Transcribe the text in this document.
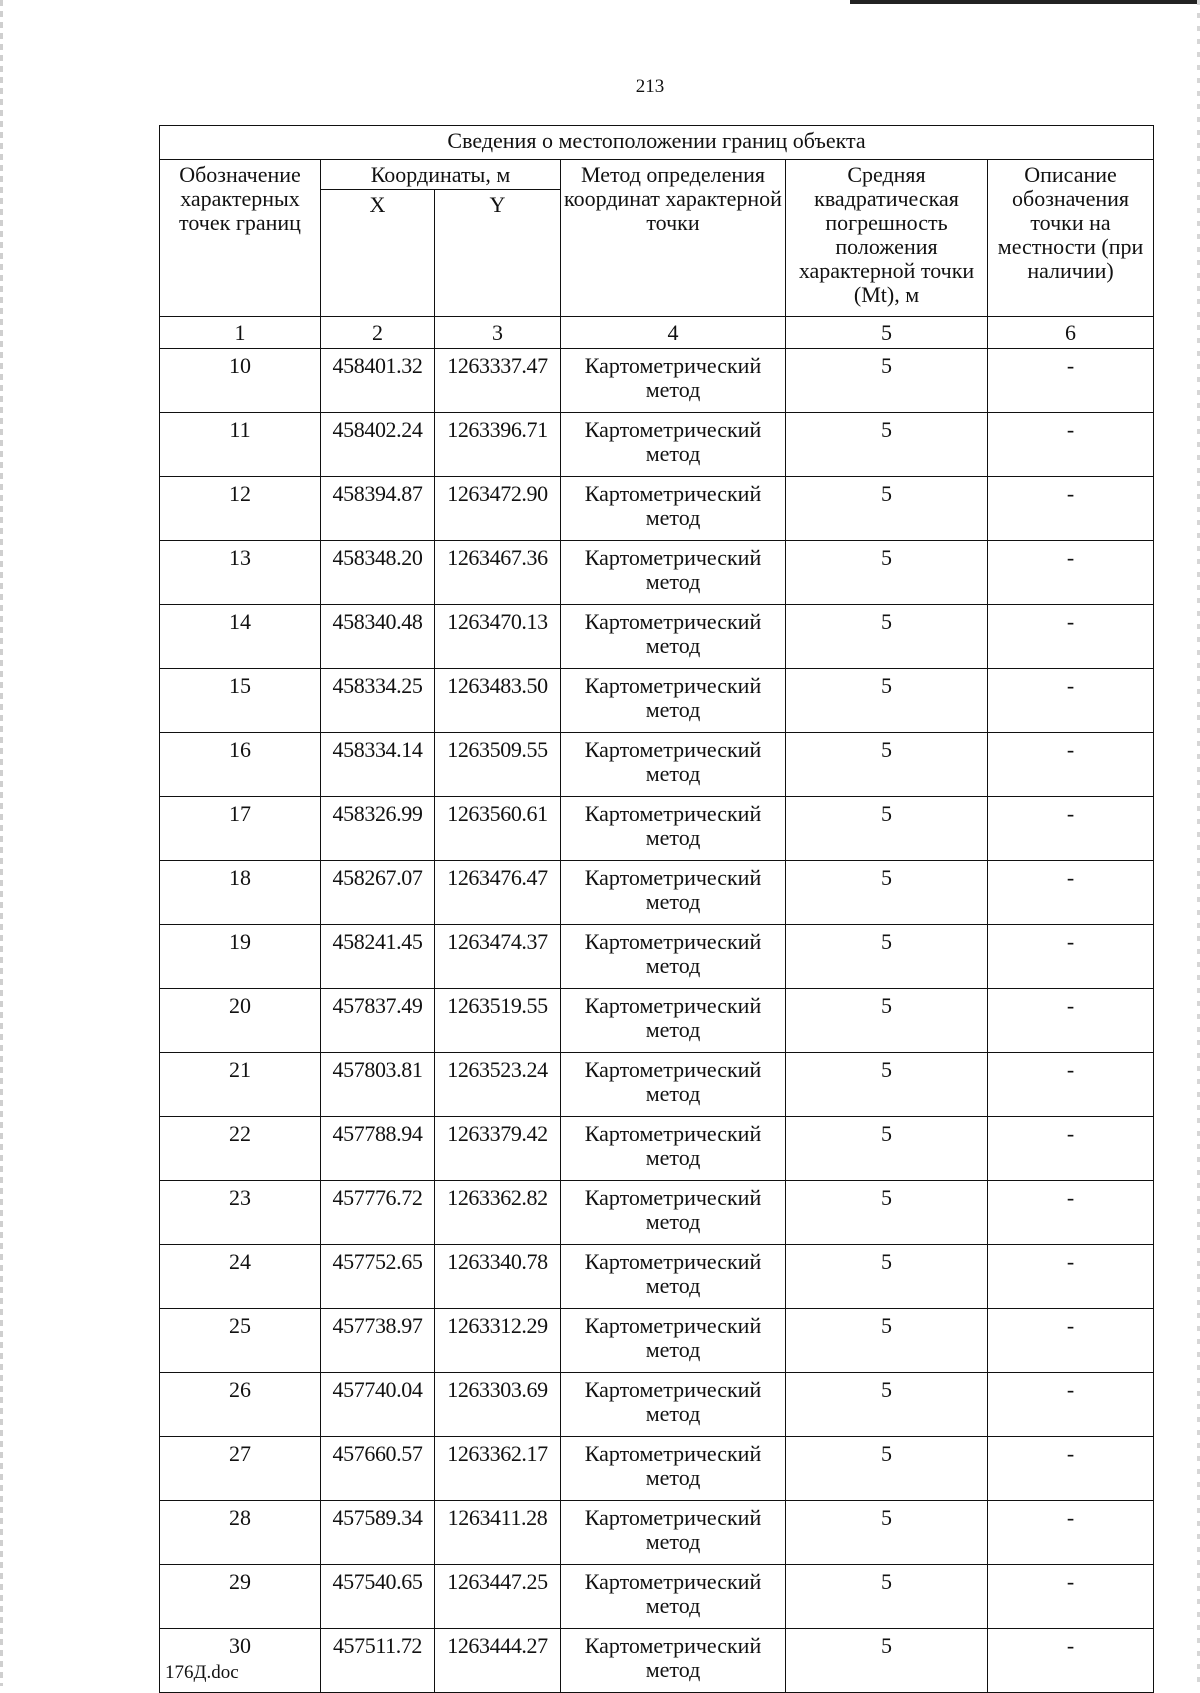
213
Сведения о местоположении границ объекта					
Обозначение характерных точек границ	Координаты, м		Метод определения координат характерной точки	Средняя квадратическая погрешность положения характерной точки (Mt), м	Описание обозначения точки на местности (при наличии)
	X	Y			
1	2	3	4	5	6
10	458401.32	1263337.47	Картометрический метод	5	-
11	458402.24	1263396.71	Картометрический метод	5	-
12	458394.87	1263472.90	Картометрический метод	5	-
13	458348.20	1263467.36	Картометрический метод	5	-
14	458340.48	1263470.13	Картометрический метод	5	-
15	458334.25	1263483.50	Картометрический метод	5	-
16	458334.14	1263509.55	Картометрический метод	5	-
17	458326.99	1263560.61	Картометрический метод	5	-
18	458267.07	1263476.47	Картометрический метод	5	-
19	458241.45	1263474.37	Картометрический метод	5	-
20	457837.49	1263519.55	Картометрический метод	5	-
21	457803.81	1263523.24	Картометрический метод	5	-
22	457788.94	1263379.42	Картометрический метод	5	-
23	457776.72	1263362.82	Картометрический метод	5	-
24	457752.65	1263340.78	Картометрический метод	5	-
25	457738.97	1263312.29	Картометрический метод	5	-
26	457740.04	1263303.69	Картометрический метод	5	-
27	457660.57	1263362.17	Картометрический метод	5	-
28	457589.34	1263411.28	Картометрический метод	5	-
29	457540.65	1263447.25	Картометрический метод	5	-
30	457511.72	1263444.27	Картометрический метод	5	-
176Д.doc
